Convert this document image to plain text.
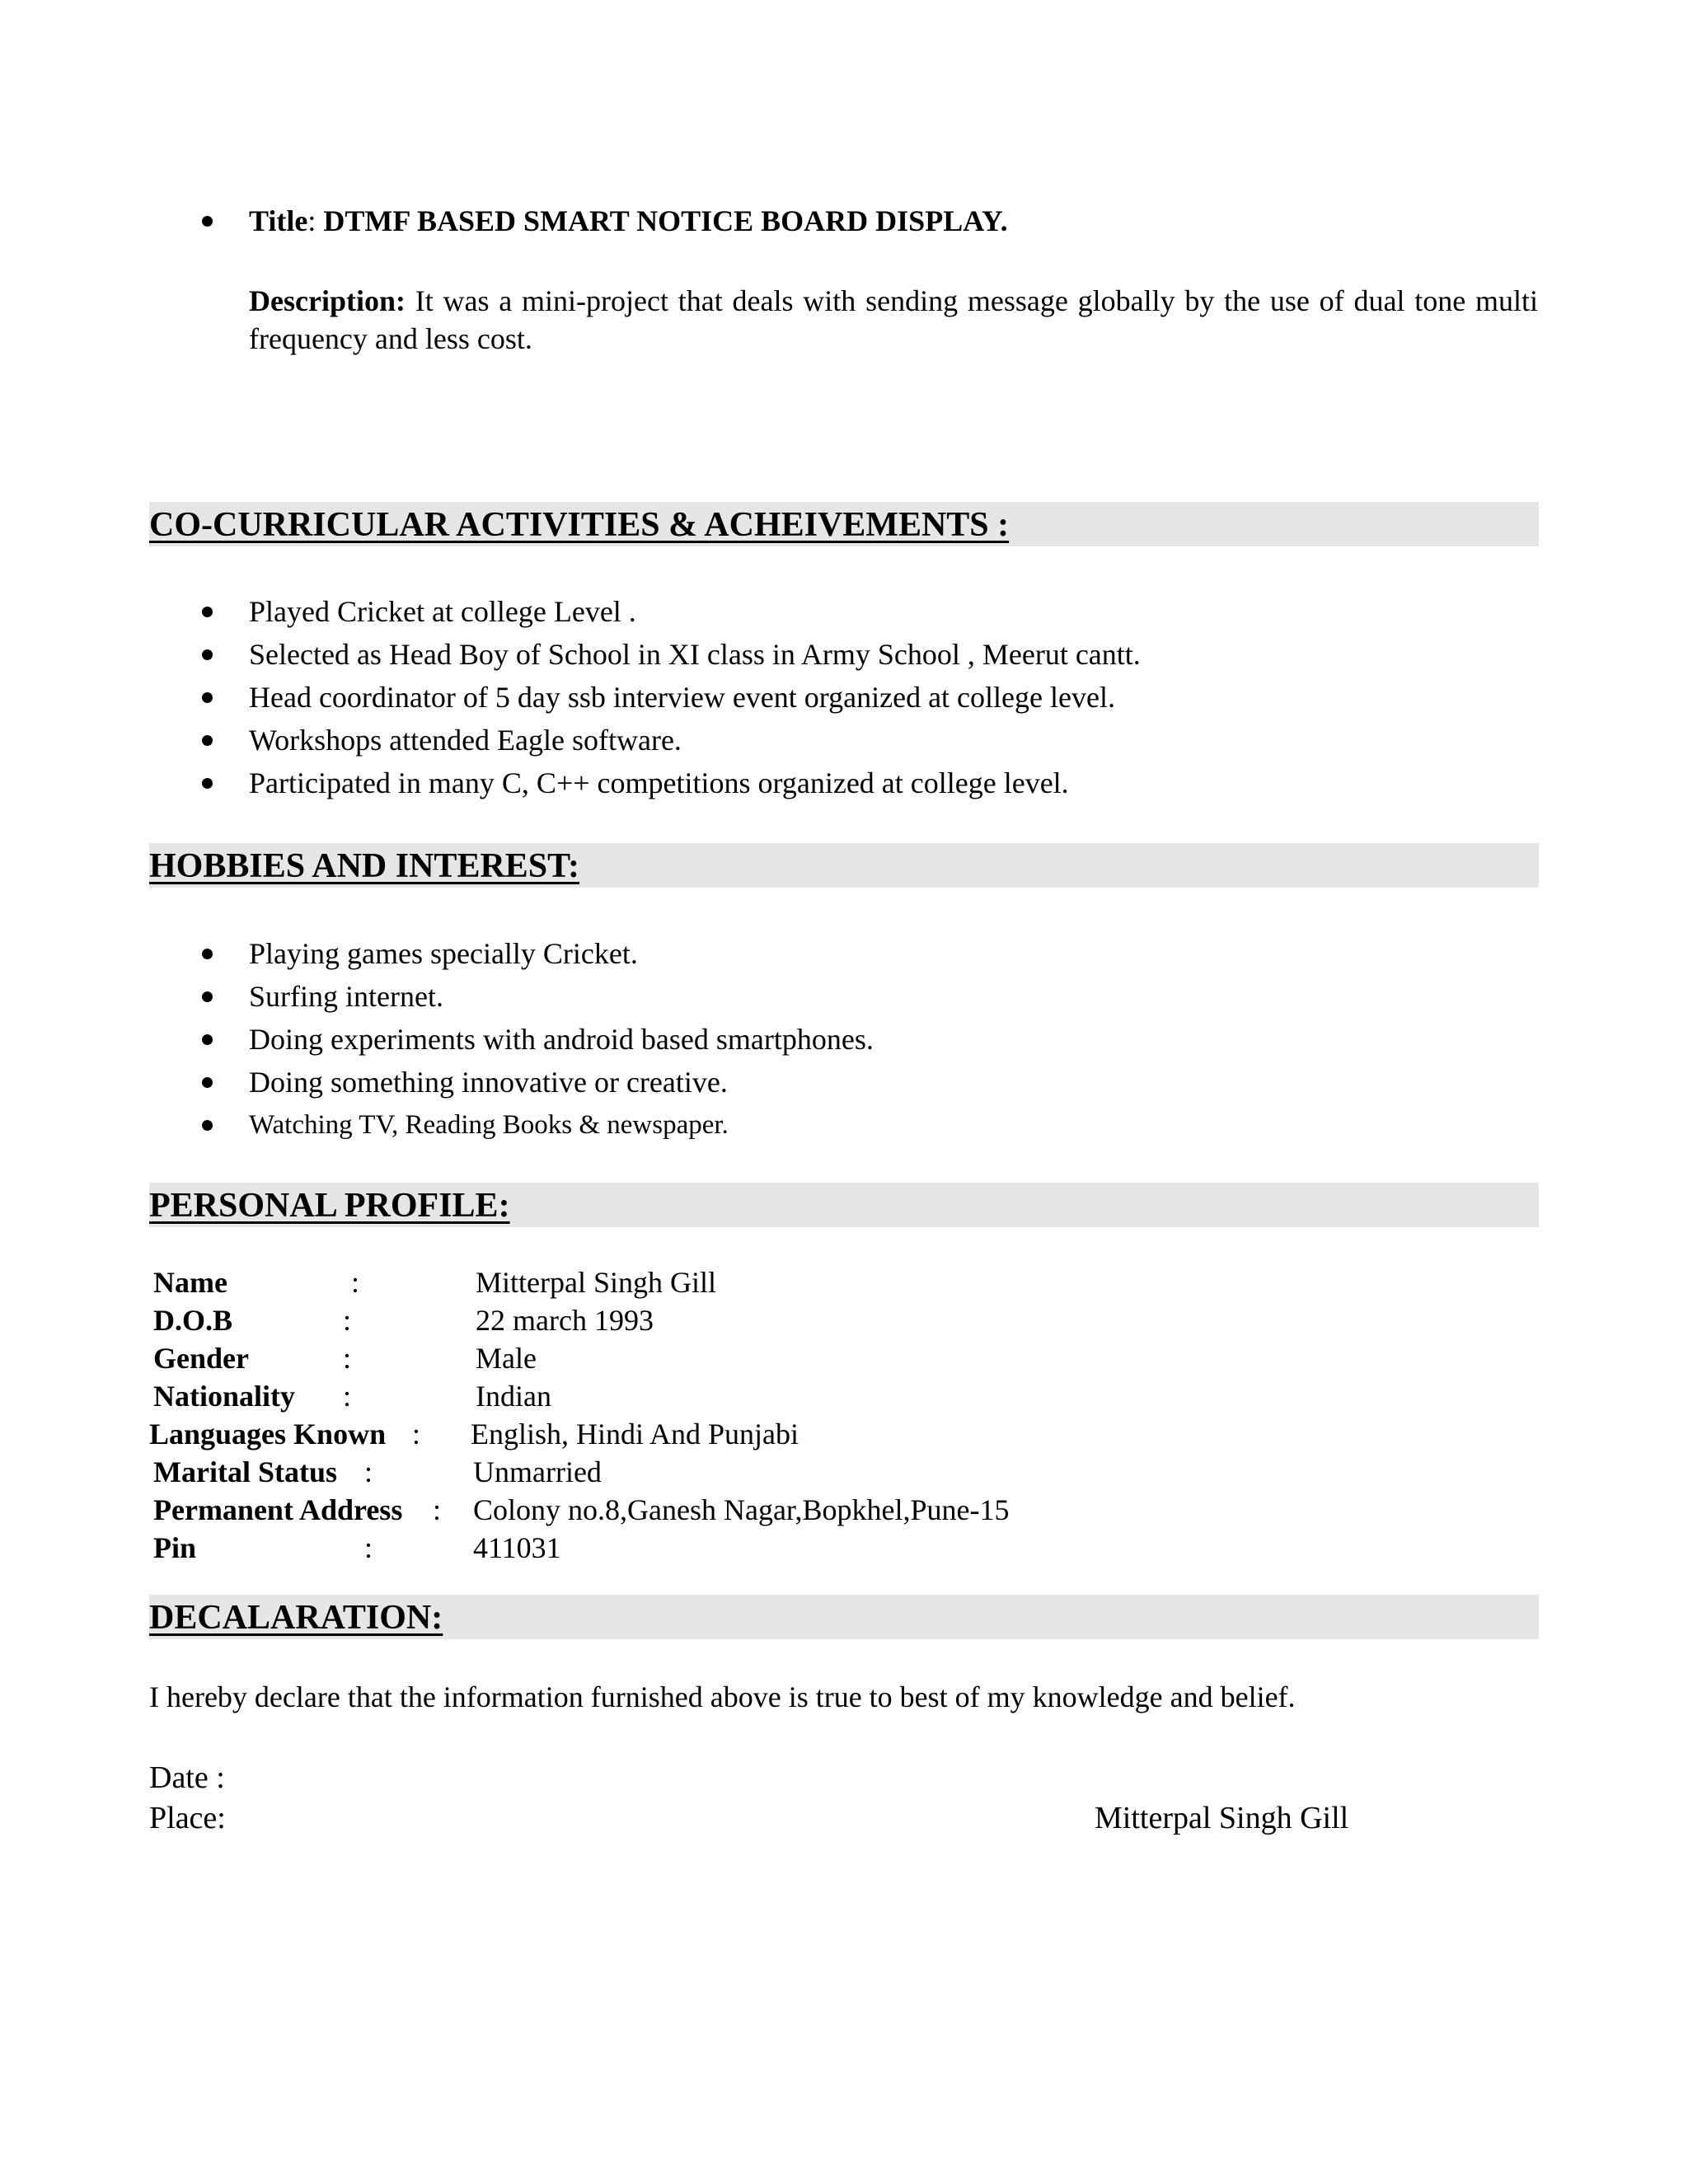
Title: DTMF BASED SMART NOTICE BOARD DISPLAY.
Description: It was a mini-project that deals with sending message globally by the use of dual tone multi frequency and less cost.
CO-CURRICULAR ACTIVITIES & ACHEIVEMENTS :
Played Cricket at college Level .
Selected as Head Boy of School in XI class in Army School , Meerut cantt.
Head coordinator of 5 day ssb interview event organized at college level.
Workshops attended Eagle software.
Participated in many C, C++ competitions organized at college level.
HOBBIES AND INTEREST:
Playing games specially Cricket.
Surfing internet.
Doing experiments with android based smartphones.
Doing something innovative or creative.
Watching TV, Reading Books & newspaper.
PERSONAL PROFILE:
Name	:	Mitterpal Singh Gill
D.O.B	:	22 march 1993
Gender	:	Male
Nationality :	Indian
Languages Known : English, Hindi And Punjabi
Marital Status :	Unmarried
Permanent Address : Colony no.8,Ganesh Nagar,Bopkhel,Pune-15
Pin	:	411031
DECALARATION:
I hereby declare that the information furnished above is true to best of my knowledge and belief.
Date :
Place:	Mitterpal Singh Gill
